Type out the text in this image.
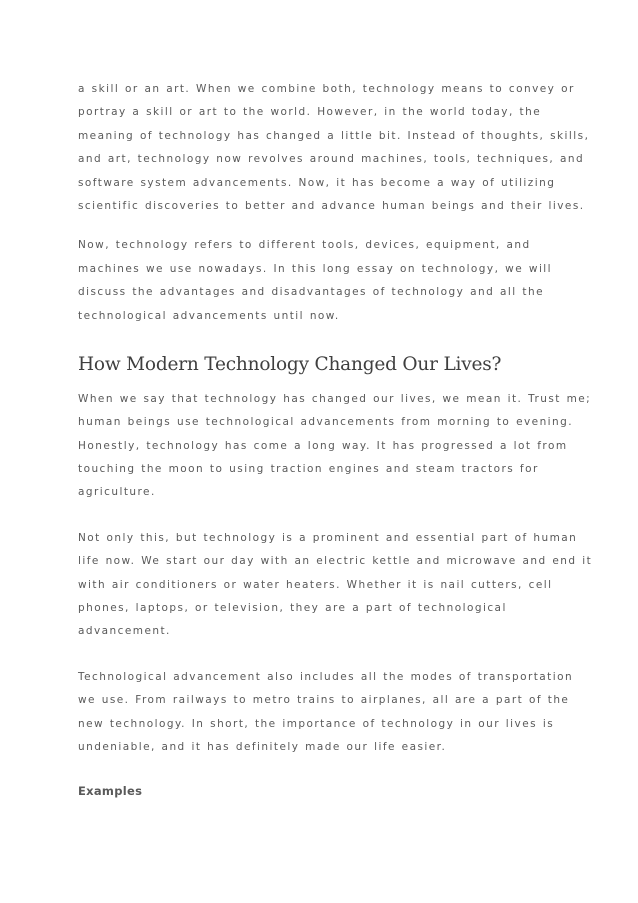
a skill or an art. When we combine both, technology means to convey or
portray a skill or art to the world. However, in the world today, the
meaning of technology has changed a little bit. Instead of thoughts, skills,
and art, technology now revolves around machines, tools, techniques, and
software system advancements. Now, it has become a way of utilizing
scientific discoveries to better and advance human beings and their lives.

Now, technology refers to different tools, devices, equipment, and
machines we use nowadays. In this long essay on technology, we will
discuss the advantages and disadvantages of technology and all the
technological advancements until now.

How Modern Technology Changed Our Lives?

When we say that technology has changed our lives, we mean it. Trust me;
human beings use technological advancements from morning to evening.
Honestly, technology has come a long way. It has progressed a lot from
touching the moon to using traction engines and steam tractors for
agriculture.

Not only this, but technology is a prominent and essential part of human
life now. We start our day with an electric kettle and microwave and end it
with air conditioners or water heaters. Whether it is nail cutters, cell
phones, laptops, or television, they are a part of technological
advancement.

Technological advancement also includes all the modes of transportation
we use. From railways to metro trains to airplanes, all are a part of the
new technology. In short, the importance of technology in our lives is
undeniable, and it has definitely made our life easier.

Examples
